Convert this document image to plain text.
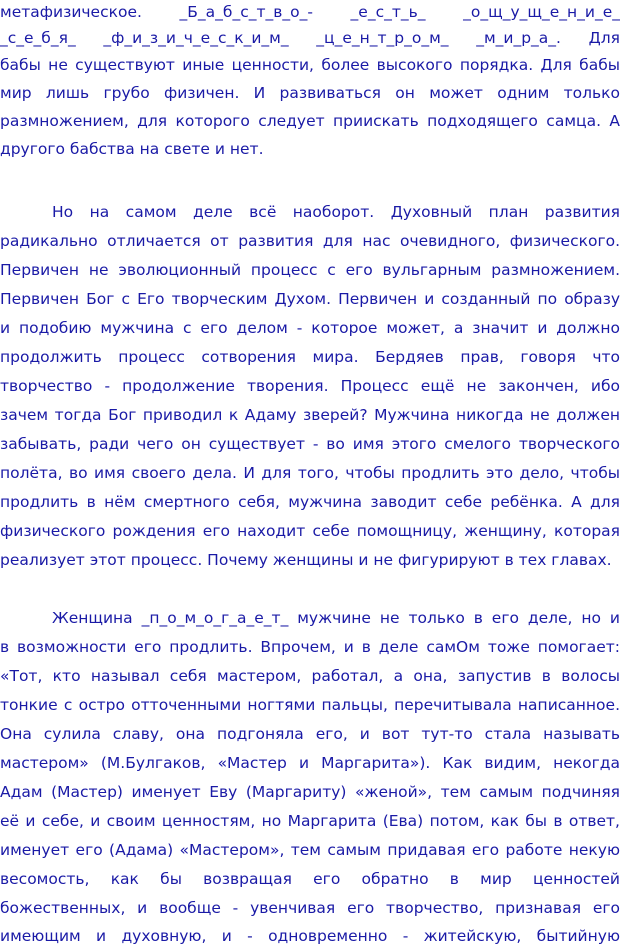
метафизическое. _Б_а_б_с_т_в_о_- _е_с_т_ь_ _о_щ_у_щ_е_н_и_е_
_с_е_б_я_ _ф_и_з_и_ч_е_с_к_и_м_ _ц_е_н_т_р_о_м_ _м_и_р_а_. Для
бабы не существуют иные ценности, более высокого порядка. Для бабы
мир лишь грубо физичен. И развиваться он может одним только
размножением, для которого следует приискать подходящего самца. А
другого бабства на свете и нет.
Но на самом деле всё наоборот. Духовный план развития
радикально отличается от развития для нас очевидного, физического.
Первичен не эволюционный процесс с его вульгарным размножением.
Первичен Бог с Его творческим Духом. Первичен и созданный по образу
и подобию мужчина с его делом - которое может, а значит и должно
продолжить процесс сотворения мира. Бердяев прав, говоря что
творчество - продолжение творения. Процесс ещё не закончен, ибо
зачем тогда Бог приводил к Адаму зверей? Мужчина никогда не должен
забывать, ради чего он существует - во имя этого смелого творческого
полёта, во имя своего дела. И для того, чтобы продлить это дело, чтобы
продлить в нём смертного себя, мужчина заводит себе ребёнка. А для
физического рождения его находит себе помощницу, женщину, которая
реализует этот процесс. Почему женщины и не фигурируют в тех главах.
Женщина _п_о_м_о_г_а_е_т_ мужчине не только в его деле, но и
в возможности его продлить. Впрочем, и в деле самОм тоже помогает:
«Тот, кто называл себя мастером, работал, а она, запустив в волосы
тонкие с остро отточенными ногтями пальцы, перечитывала написанное.
Она сулила славу, она подгоняла его, и вот тут-то стала называть
мастером» (М.Булгаков, «Мастер и Маргарита»). Как видим, некогда
Адам (Мастер) именует Еву (Маргариту) «женой», тем самым подчиняя
её и себе, и своим ценностям, но Маргарита (Ева) потом, как бы в ответ,
именует его (Адама) «Мастером», тем самым придавая его работе некую
весомость, как бы возвращая его обратно в мир ценностей
божественных, и вообще - увенчивая его творчество, признавая его
имеющим и духовную, и - одновременно - житейскую, бытийную
